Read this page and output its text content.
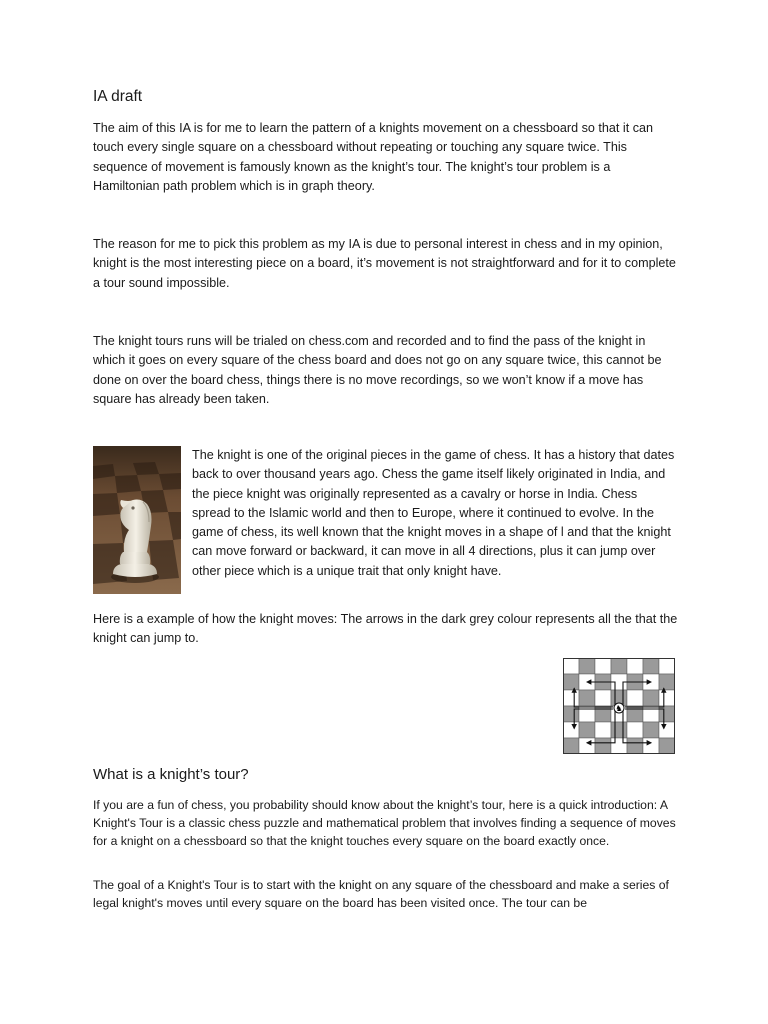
IA draft

The aim of this IA is for me to learn the pattern of a knights movement on a chessboard so that it can touch every single square on a chessboard without repeating or touching any square twice. This sequence of movement is famously known as the knight’s tour. The knight’s tour problem is a Hamiltonian path problem which is in graph theory.

The reason for me to pick this problem as my IA is due to personal interest in chess and in my opinion, knight is the most interesting piece on a board, it’s movement is not straightforward and for it to complete a tour sound impossible.

The knight tours runs will be trialed on chess.com and recorded and to find the pass of the knight in which it goes on every square of the chess board and does not go on any square twice, this cannot be done on over the board chess, things there is no move recordings, so we won’t know if a move has square has already been taken.

The knight is one of the original pieces in the game of chess. It has a history that dates back to over thousand years ago. Chess the game itself likely originated in India, and the piece knight was originally represented as a cavalry or horse in India. Chess spread to the Islamic world and then to Europe, where it continued to evolve. In the game of chess, its well known that the knight moves in a shape of l and that the knight can move forward or backward, it can move in all 4 directions, plus it can jump over other piece which is a unique trait that only knight have.

Here is a example of how the knight moves: The arrows in the dark grey colour represents all the that the knight can jump to.

♞
What is a knight’s tour?

If you are a fun of chess, you probability should know about the knight’s tour, here is a quick introduction: A Knight's Tour is a classic chess puzzle and mathematical problem that involves finding a sequence of moves for a knight on a chessboard so that the knight touches every square on the board exactly once.

The goal of a Knight's Tour is to start with the knight on any square of the chessboard and make a series of legal knight's moves until every square on the board has been visited once. The tour can be
